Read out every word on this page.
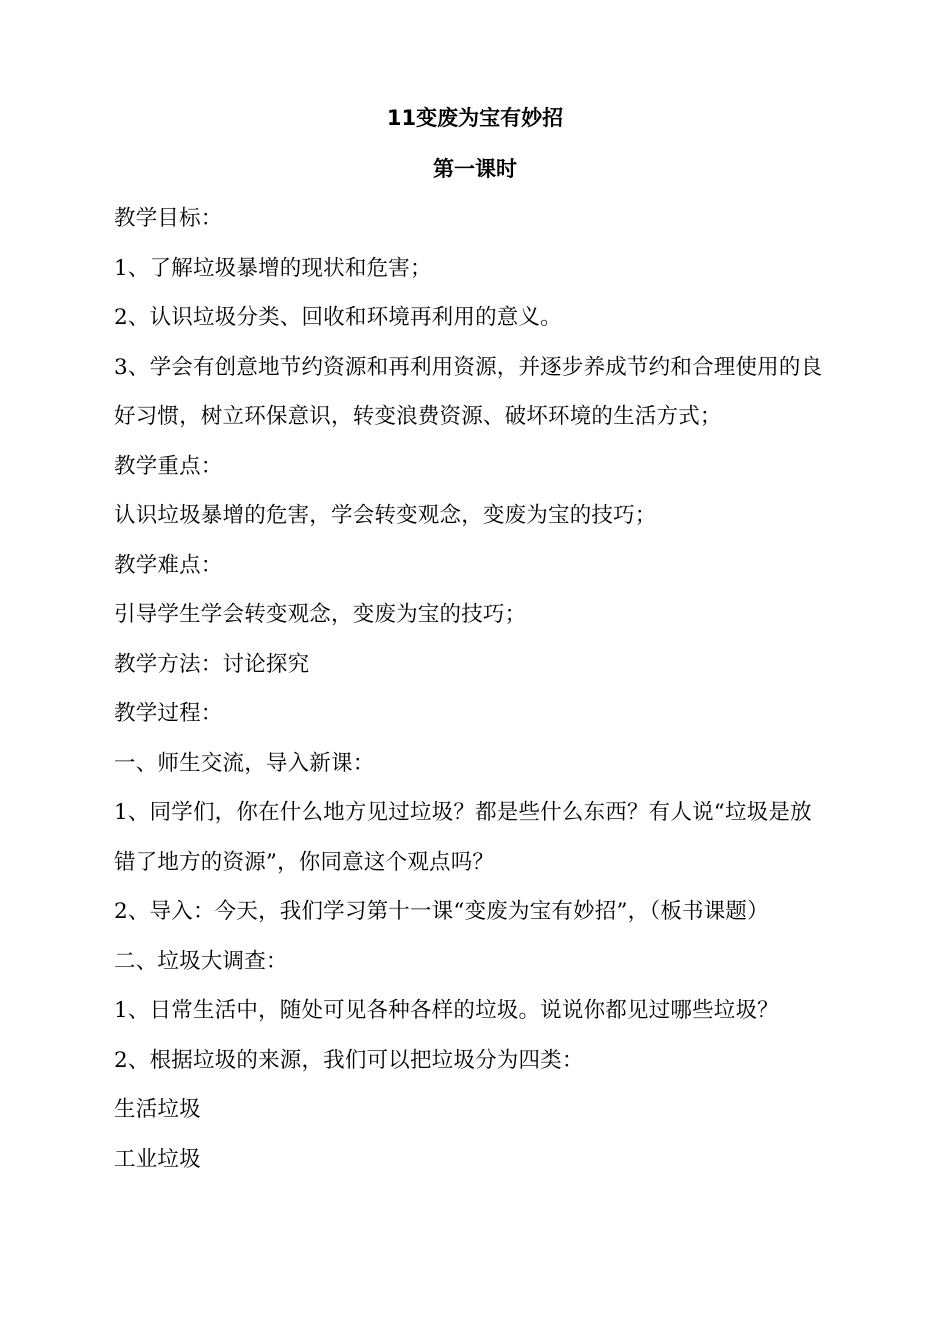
11变废为宝有妙招
第一课时
教学目标：
1、了解垃圾暴增的现状和危害；
2、认识垃圾分类、回收和环境再利用的意义。
3、学会有创意地节约资源和再利用资源，并逐步养成节约和合理使用的良
好习惯，树立环保意识，转变浪费资源、破坏环境的生活方式；
教学重点：
认识垃圾暴增的危害，学会转变观念，变废为宝的技巧；
教学难点：
引导学生学会转变观念，变废为宝的技巧；
教学方法：讨论探究
教学过程：
一、师生交流，导入新课：
1、同学们，你在什么地方见过垃圾？都是些什么东西？有人说“垃圾是放
错了地方的资源”，你同意这个观点吗？
2、导入：今天，我们学习第十一课“变废为宝有妙招”，（板书课题）
二、垃圾大调查：
1、日常生活中，随处可见各种各样的垃圾。说说你都见过哪些垃圾？
2、根据垃圾的来源，我们可以把垃圾分为四类：
生活垃圾
工业垃圾
